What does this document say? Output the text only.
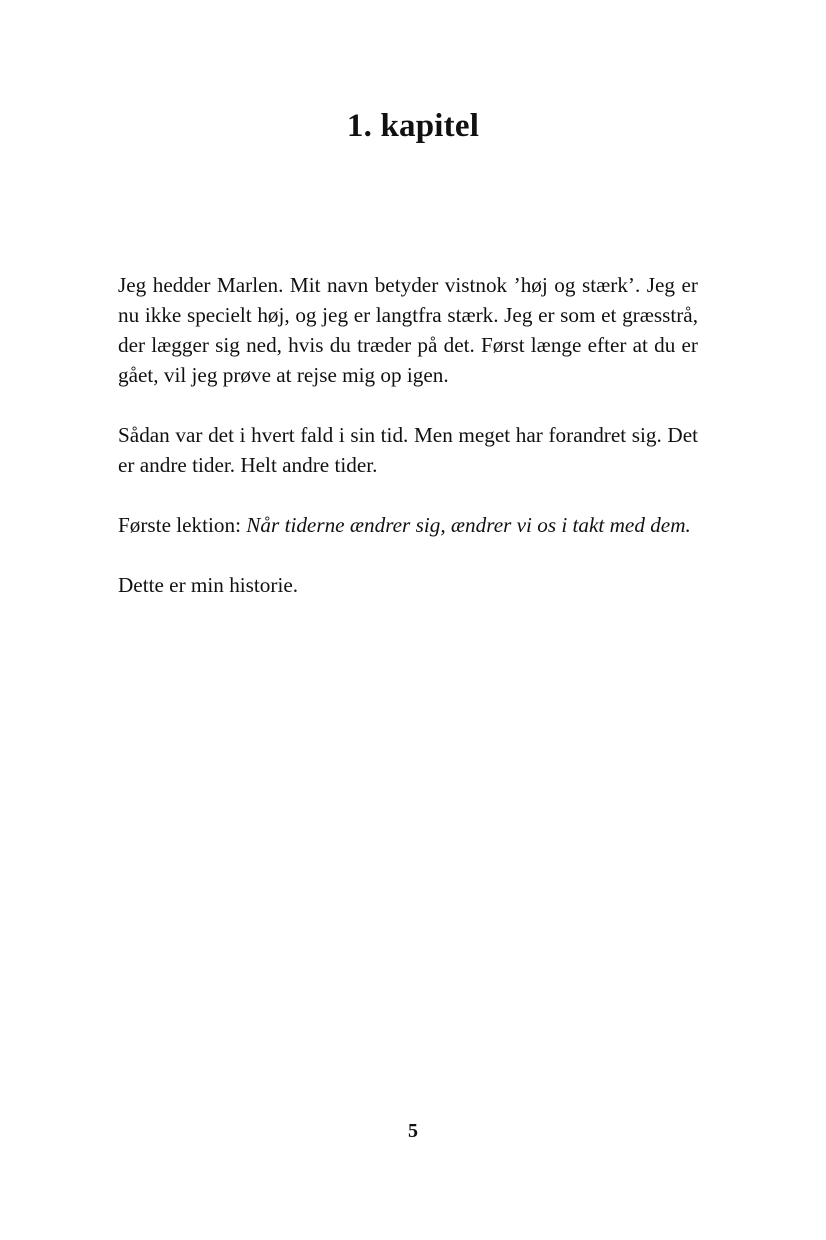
1. kapitel

Jeg hedder Marlen. Mit navn betyder vistnok ’høj og stærk’. Jeg er nu ikke specielt høj, og jeg er langtfra stærk. Jeg er som et græsstrå, der lægger sig ned, hvis du træder på det. Først længe efter at du er gået, vil jeg prøve at rejse mig op igen.

Sådan var det i hvert fald i sin tid. Men meget har forandret sig. Det er andre tider. Helt andre tider.

Første lektion: Når tiderne ændrer sig, ændrer vi os i takt med dem.

Dette er min historie.

5
